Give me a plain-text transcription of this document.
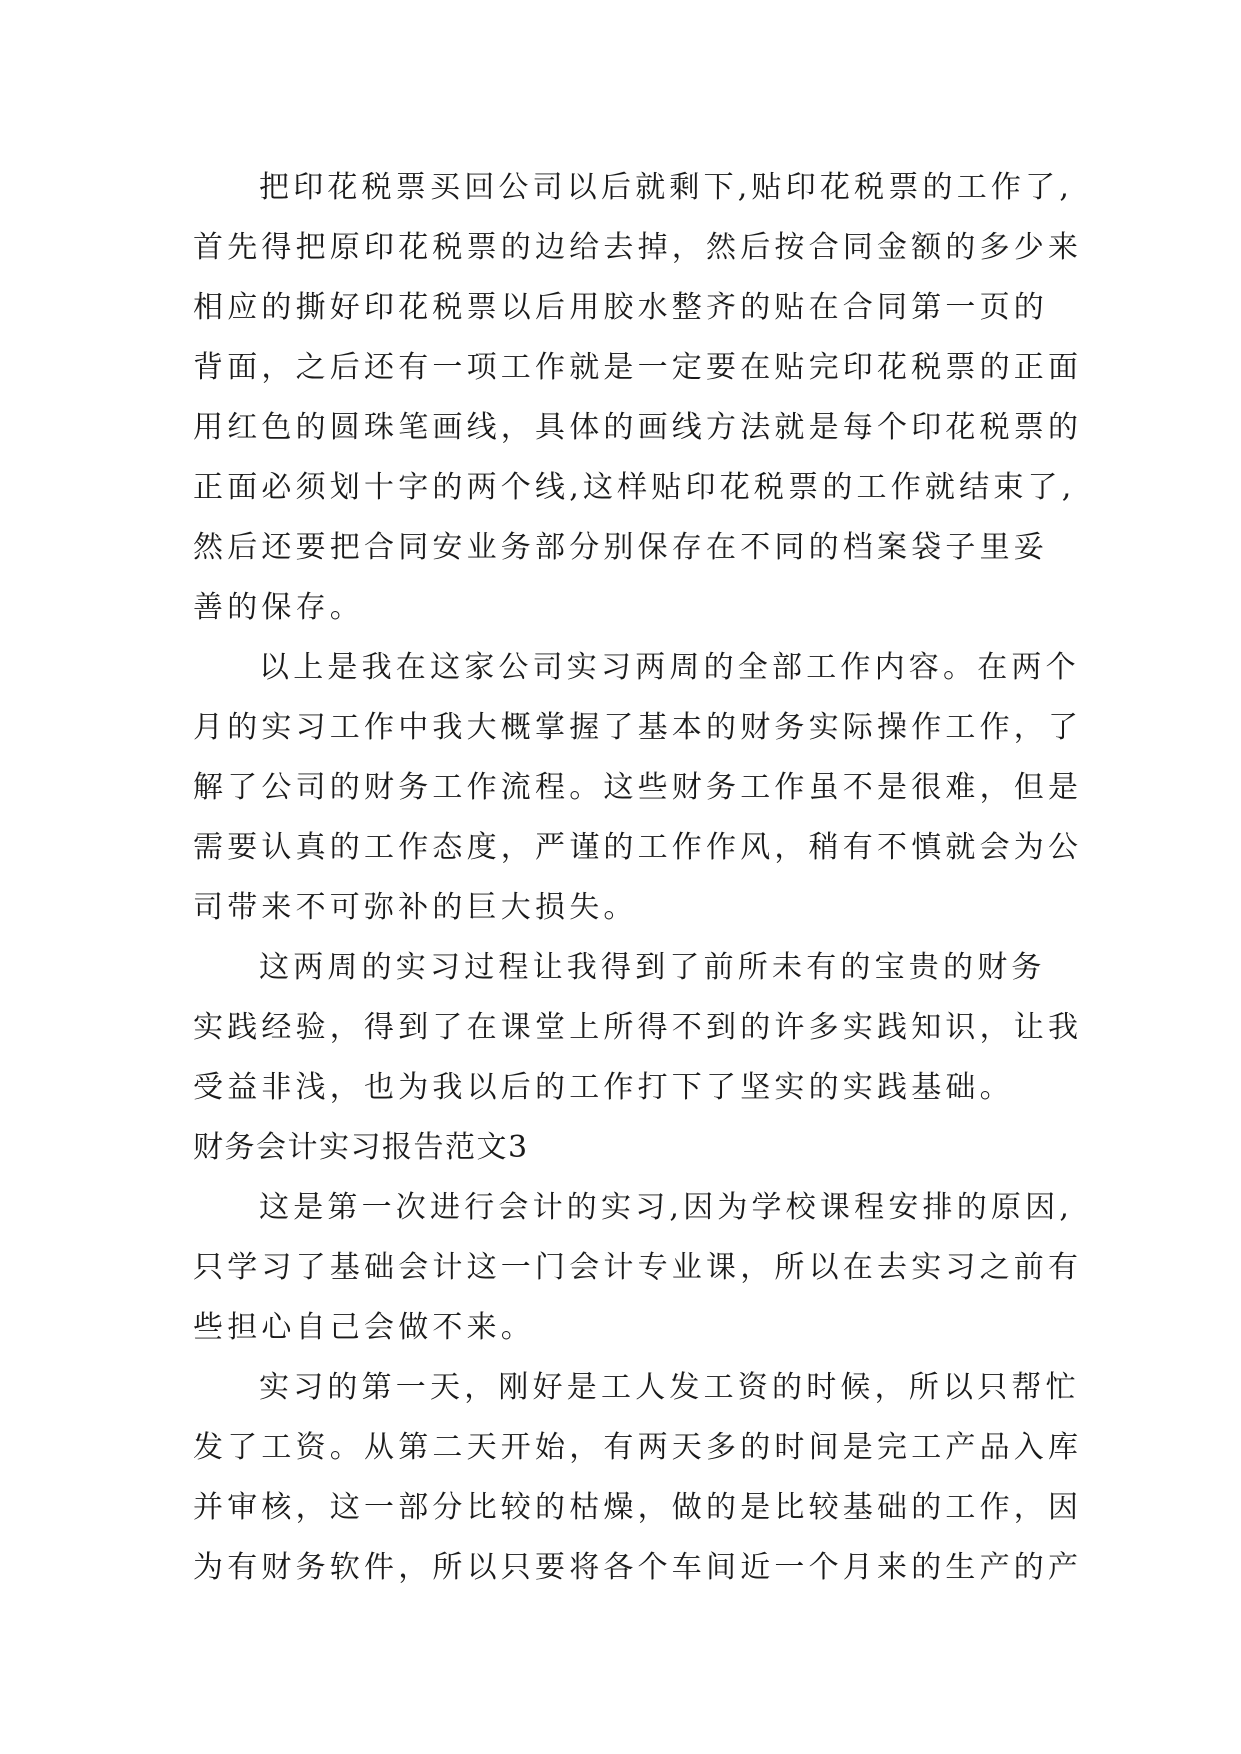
把印花税票买回公司以后就剩下,贴印花税票的工作了,
首先得把原印花税票的边给去掉，然后按合同金额的多少来
相应的撕好印花税票以后用胶水整齐的贴在合同第一页的
背面，之后还有一项工作就是一定要在贴完印花税票的正面
用红色的圆珠笔画线，具体的画线方法就是每个印花税票的
正面必须划十字的两个线,这样贴印花税票的工作就结束了,
然后还要把合同安业务部分别保存在不同的档案袋子里妥
善的保存。
以上是我在这家公司实习两周的全部工作内容。在两个
月的实习工作中我大概掌握了基本的财务实际操作工作，了
解了公司的财务工作流程。这些财务工作虽不是很难，但是
需要认真的工作态度，严谨的工作作风，稍有不慎就会为公
司带来不可弥补的巨大损失。
这两周的实习过程让我得到了前所未有的宝贵的财务
实践经验，得到了在课堂上所得不到的许多实践知识，让我
受益非浅，也为我以后的工作打下了坚实的实践基础。
财务会计实习报告范文3
这是第一次进行会计的实习,因为学校课程安排的原因,
只学习了基础会计这一门会计专业课，所以在去实习之前有
些担心自己会做不来。
实习的第一天，刚好是工人发工资的时候，所以只帮忙
发了工资。从第二天开始，有两天多的时间是完工产品入库
并审核，这一部分比较的枯燥，做的是比较基础的工作，因
为有财务软件，所以只要将各个车间近一个月来的生产的产
